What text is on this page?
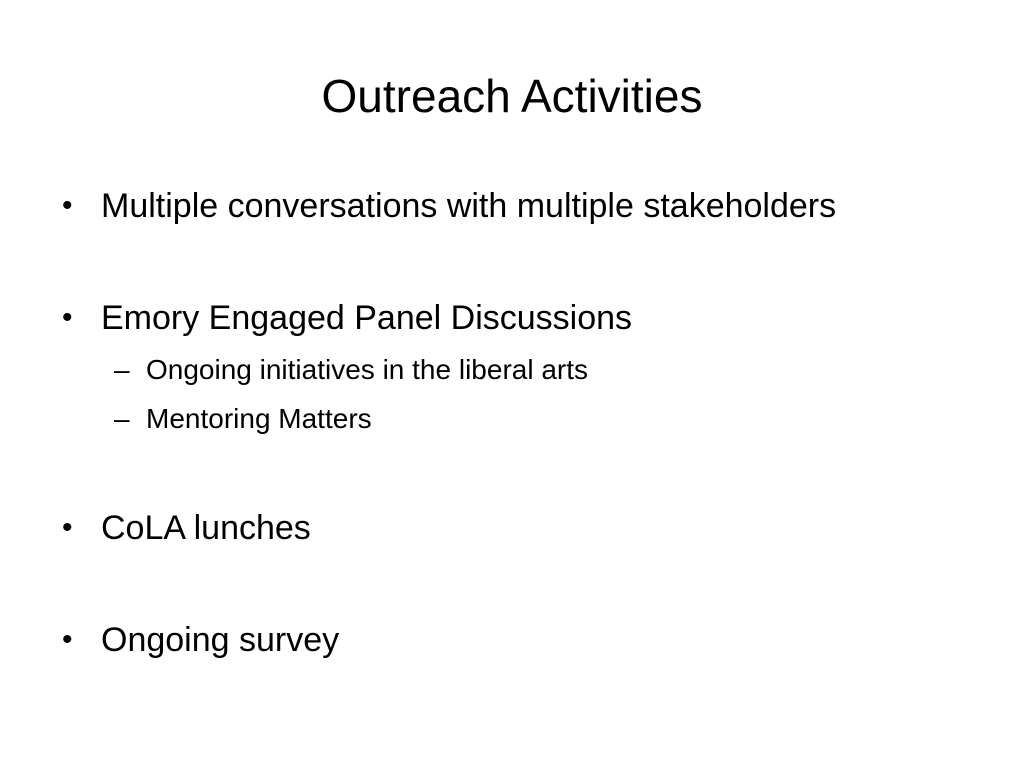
Outreach Activities
• Multiple conversations with multiple stakeholders
• Emory Engaged Panel Discussions
– Ongoing initiatives in the liberal arts
– Mentoring Matters
• CoLA lunches
• Ongoing survey
